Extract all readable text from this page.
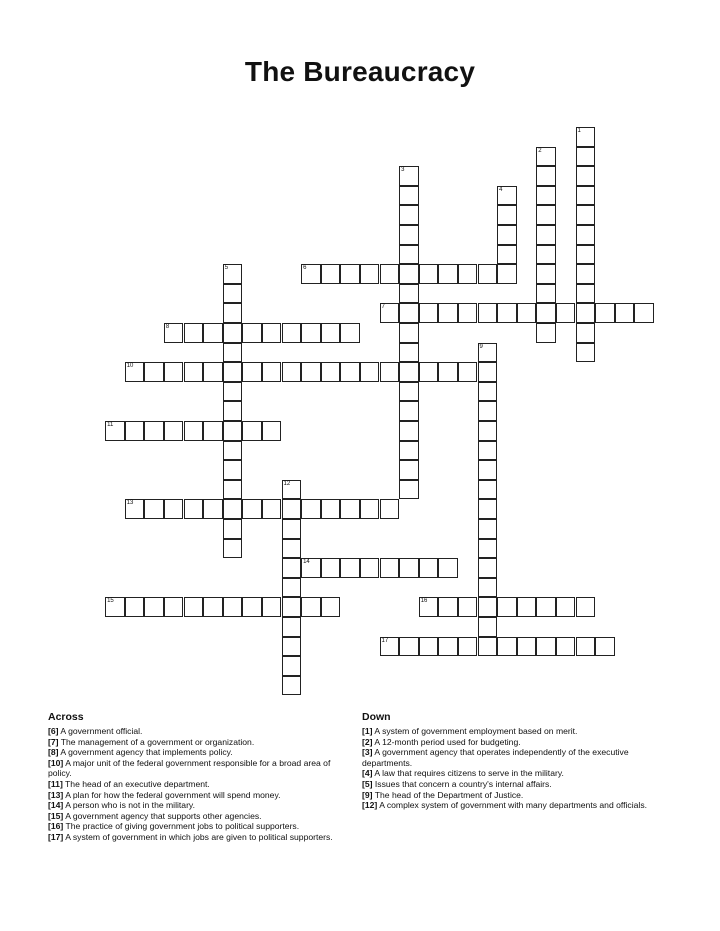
The Bureaucracy
1
2
3
4
5	6
7
8
9
10
11
12
13
14
15	16
17
Across
[6] A government official.
[7] The management of a government or organization.
[8] A government agency that implements policy.
[10] A major unit of the federal government responsible for a broad area of policy.
[11] The head of an executive department.
[13] A plan for how the federal government will spend money.
[14] A person who is not in the military.
[15] A government agency that supports other agencies.
[16] The practice of giving government jobs to political supporters.
[17] A system of government in which jobs are given to political supporters.
Down
[1] A system of government employment based on merit.
[2] A 12-month period used for budgeting.
[3] A government agency that operates independently of the executive departments.
[4] A law that requires citizens to serve in the military.
[5] Issues that concern a country's internal affairs.
[9] The head of the Department of Justice.
[12] A complex system of government with many departments and officials.
